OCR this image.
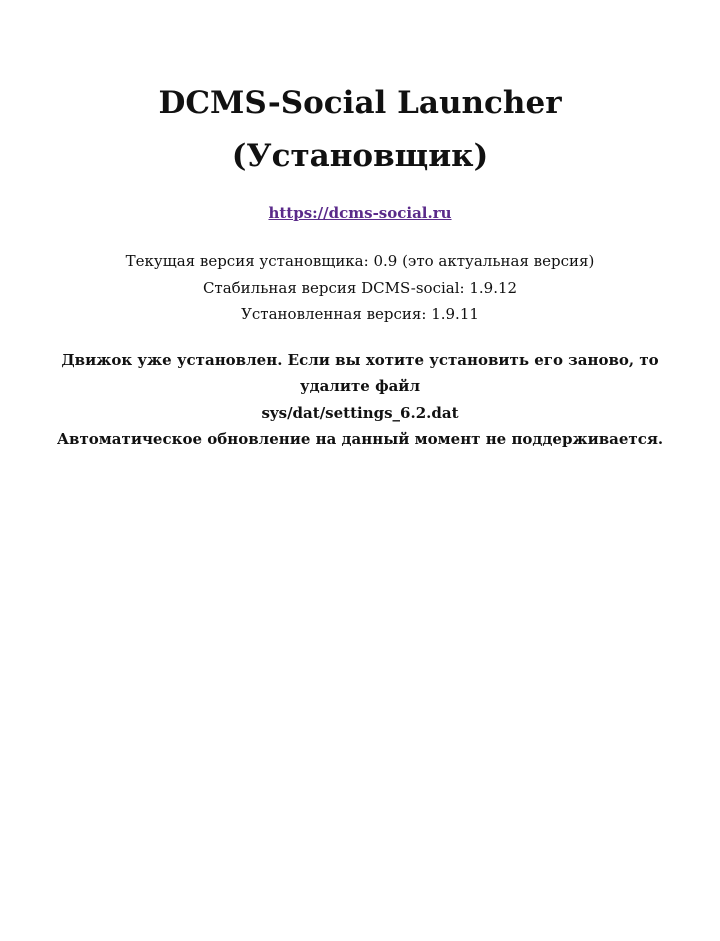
DCMS-Social Launcher
(Установщик)
https://dcms-social.ru
Текущая версия установщика: 0.9 (это актуальная версия)
Стабильная версия DCMS-social: 1.9.12
Установленная версия: 1.9.11
Движок уже установлен. Если вы хотите установить его заново, то удалите файл
sys/dat/settings_6.2.dat
Автоматическое обновление на данный момент не поддерживается.
